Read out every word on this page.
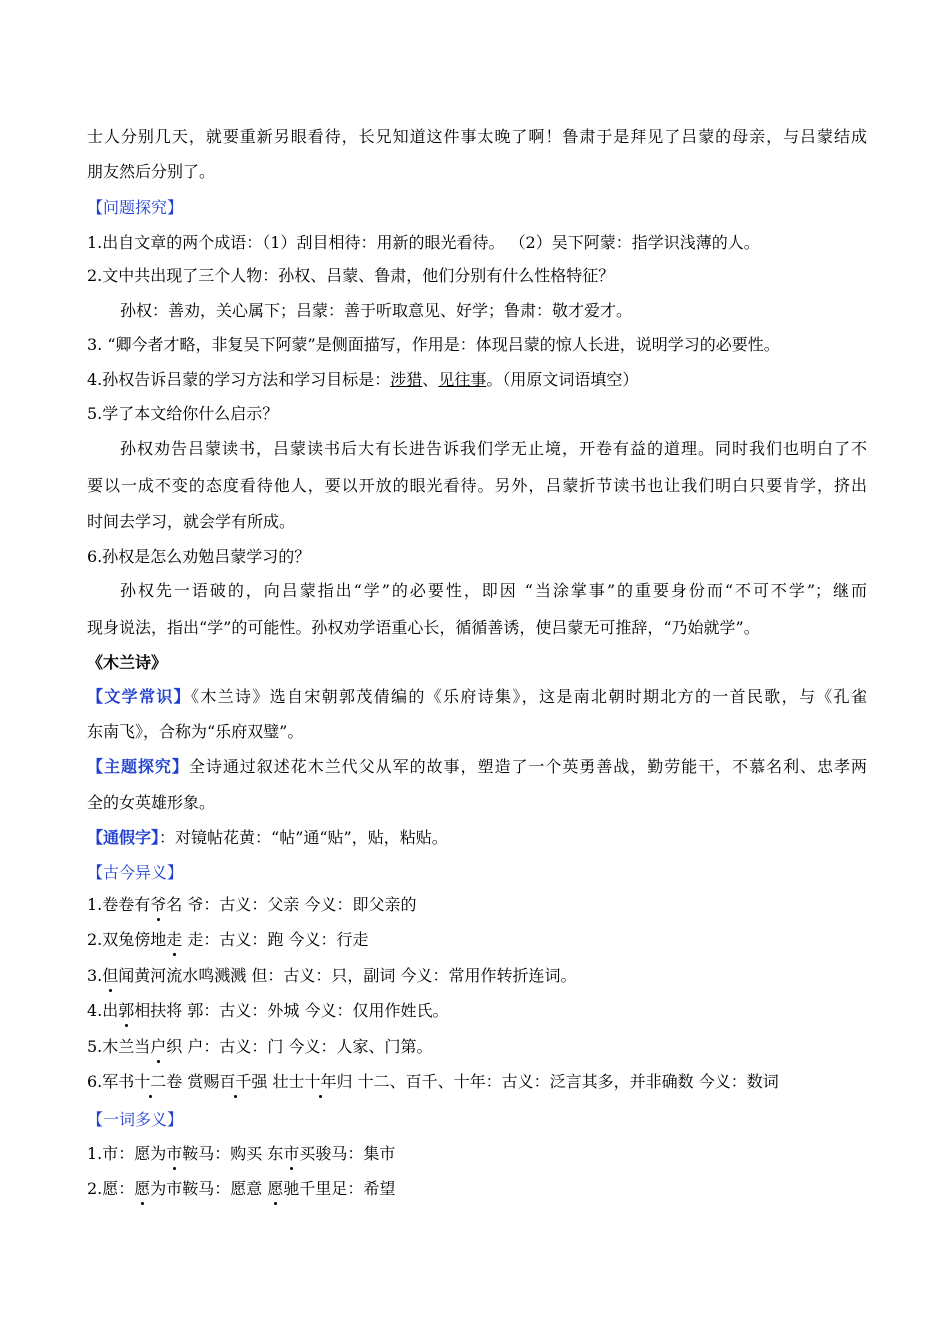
士人分别几天，就要重新另眼看待，长兄知道这件事太晚了啊！鲁肃于是拜见了吕蒙的母亲，与吕蒙结成
朋友然后分别了。
【问题探究】
1.出自文章的两个成语：（1）刮目相待：用新的眼光看待。 （2）吴下阿蒙：指学识浅薄的人。
2.文中共出现了三个人物：孙权、吕蒙、鲁肃，他们分别有什么性格特征？
孙权：善劝，关心属下；吕蒙：善于听取意见、好学；鲁肃：敬才爱才。
3. “卿今者才略，非复吴下阿蒙”是侧面描写，作用是：体现吕蒙的惊人长进，说明学习的必要性。
4.孙权告诉吕蒙的学习方法和学习目标是：涉猎、见往事。（用原文词语填空）
5.学了本文给你什么启示？
孙权劝告吕蒙读书，吕蒙读书后大有长进告诉我们学无止境，开卷有益的道理。同时我们也明白了不
要以一成不变的态度看待他人，要以开放的眼光看待。另外，吕蒙折节读书也让我们明白只要肯学，挤出
时间去学习，就会学有所成。
6.孙权是怎么劝勉吕蒙学习的？
孙权先一语破的，向吕蒙指出“学”的必要性，即因 “当涂掌事”的重要身份而“不可不学”；继而
现身说法，指出“学”的可能性。孙权劝学语重心长，循循善诱，使吕蒙无可推辞，“乃始就学”。
《木兰诗》
【文学常识】《木兰诗》选自宋朝郭茂倩编的《乐府诗集》，这是南北朝时期北方的一首民歌，与《孔雀
东南飞》，合称为“乐府双璧”。
【主题探究】全诗通过叙述花木兰代父从军的故事，塑造了一个英勇善战，勤劳能干，不慕名利、忠孝两
全的女英雄形象。
【通假字】：对镜帖花黄：“帖”通“贴”，贴，粘贴。
【古今异义】
1.卷卷有爷名 爷：古义：父亲 今义：即父亲的
2.双兔傍地走 走：古义：跑 今义：行走
3.但闻黄河流水鸣溅溅 但：古义：只，副词 今义：常用作转折连词。
4.出郭相扶将 郭：古义：外城 今义：仅用作姓氏。
5.木兰当户织 户：古义：门 今义：人家、门第。
6.军书十二卷 赏赐百千强 壮士十年归 十二、百千、十年：古义：泛言其多，并非确数 今义：数词
【一词多义】
1.市：愿为市鞍马：购买 东市买骏马：集市
2.愿：愿为市鞍马：愿意 愿驰千里足：希望
